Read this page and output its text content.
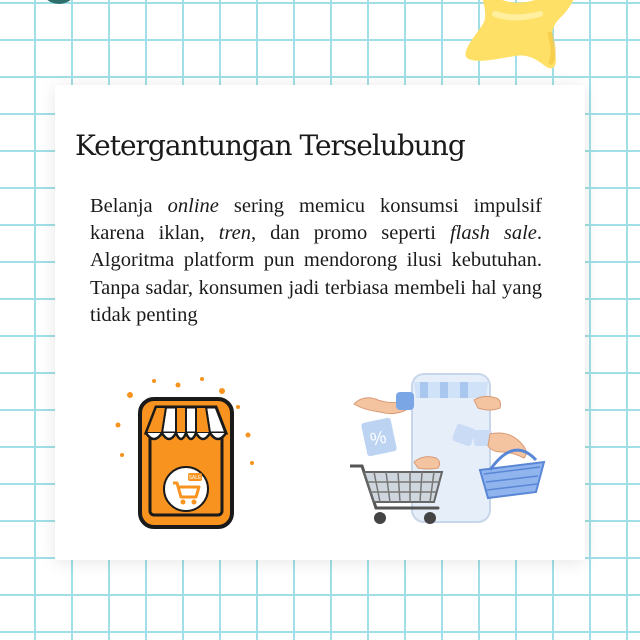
Ketergantungan Terselubung

Belanja online sering memicu konsumsi impulsif karena iklan, tren, dan promo seperti flash sale. Algoritma platform pun mendorong ilusi kebutuhan. Tanpa sadar, konsumen jadi terbiasa membeli hal yang tidak penting

SALE
%
